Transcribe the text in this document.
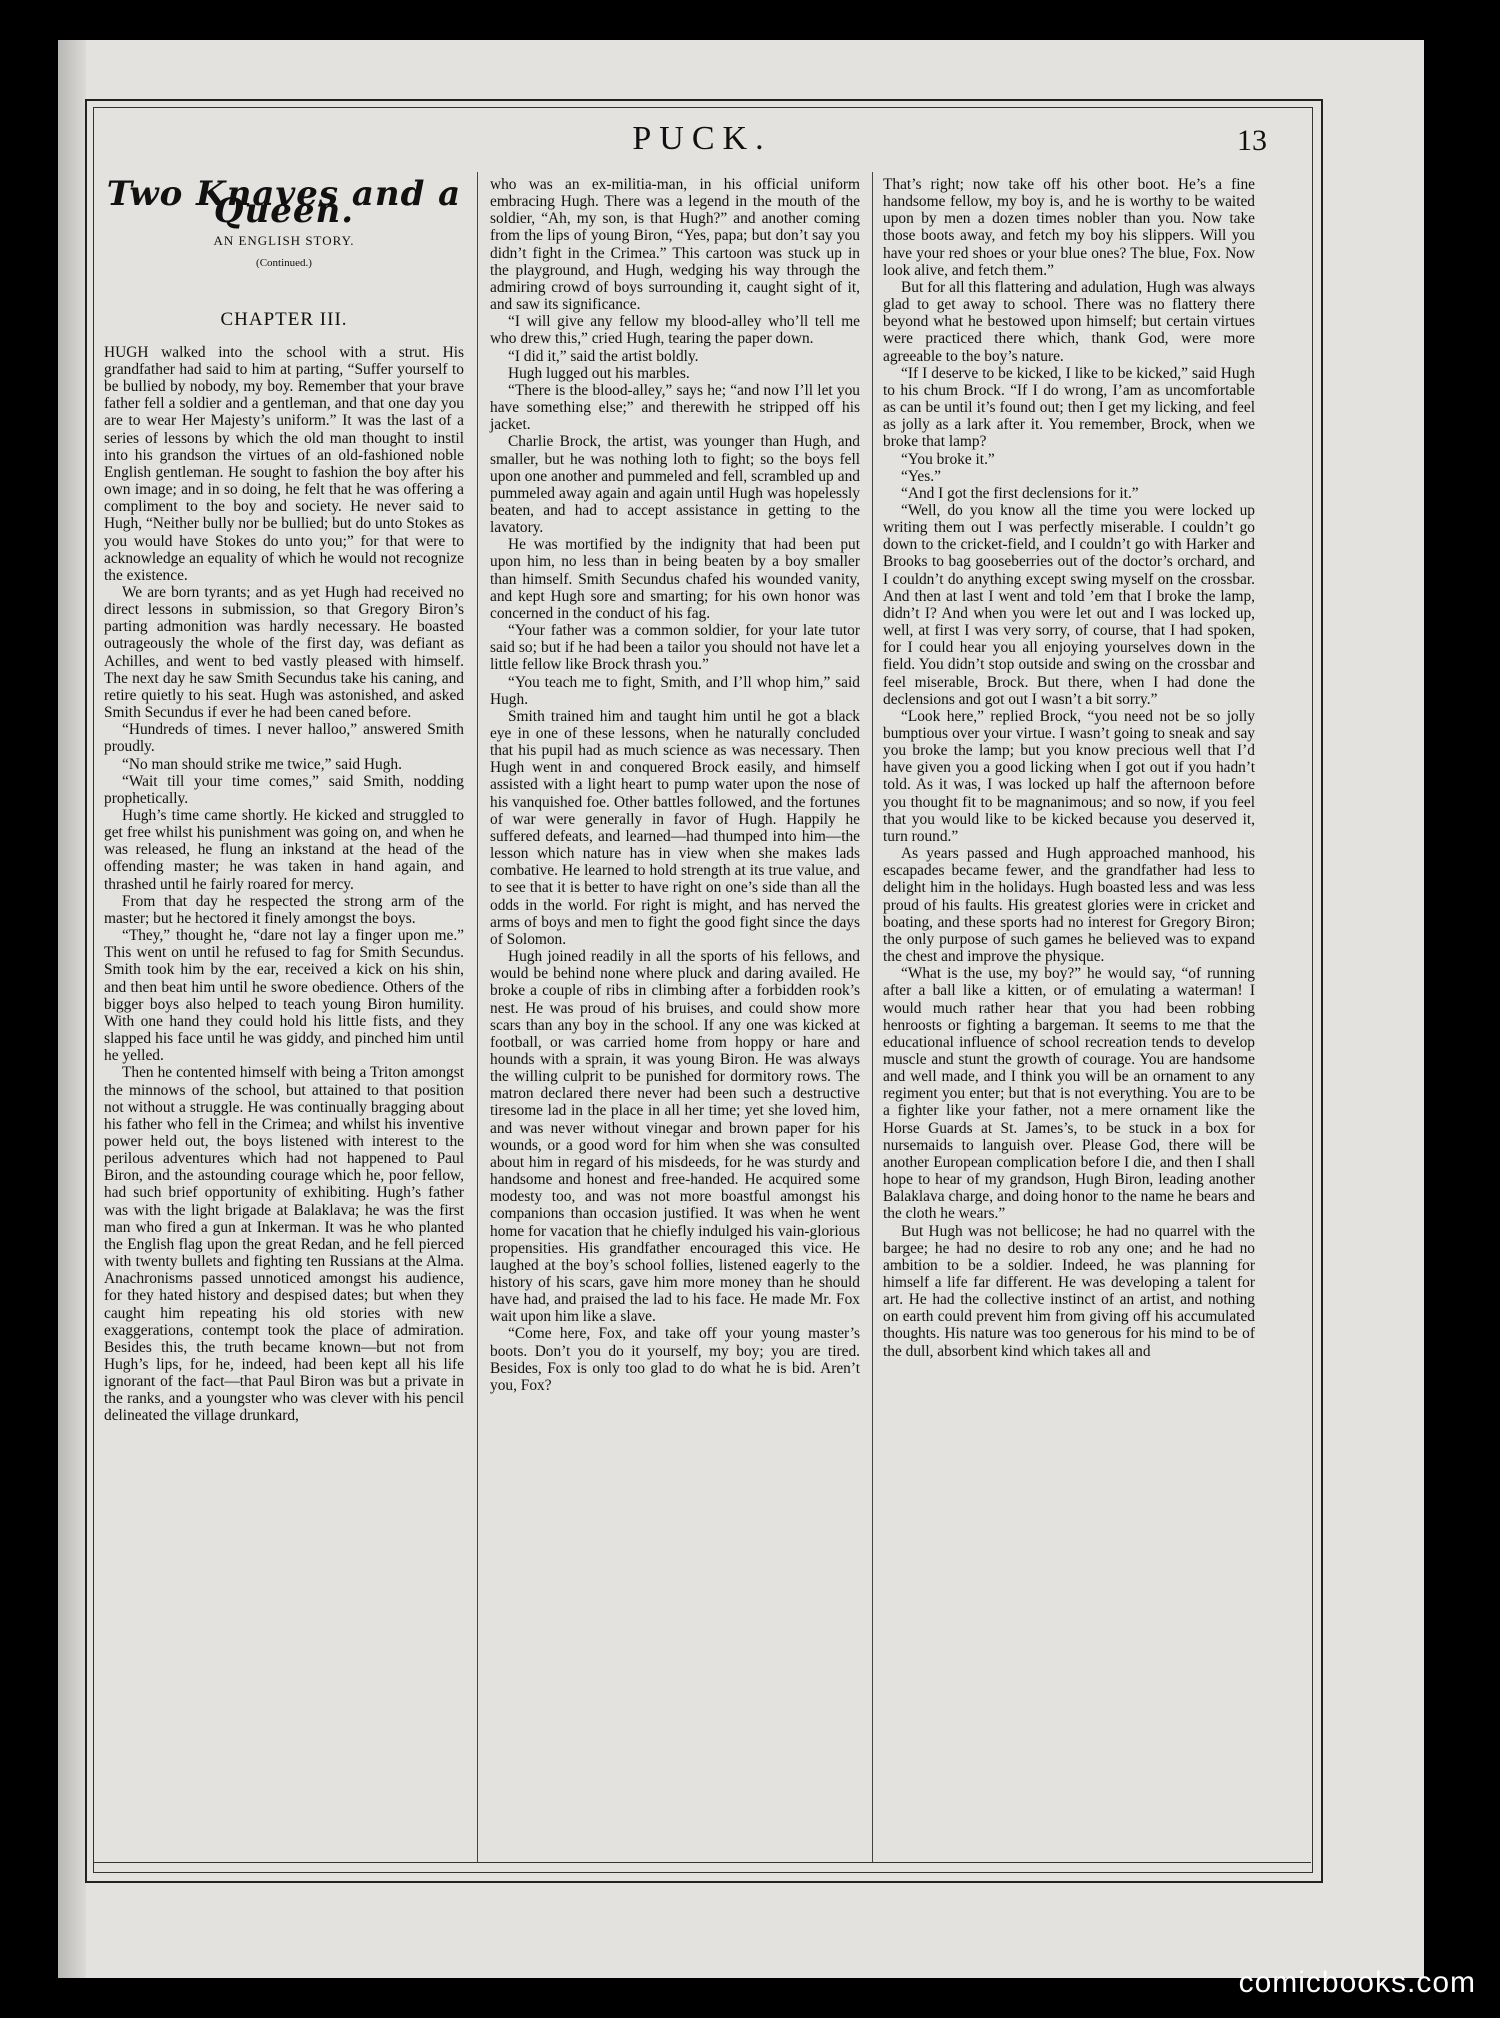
PUCK.	13
Two Knaves and a Queen.
AN ENGLISH STORY.
(Continued.)
CHAPTER III.

HUGH walked into the school with a strut. His grandfather had said to him at parting, “Suffer yourself to be bullied by nobody, my boy. Remember that your brave father fell a soldier and a gentleman, and that one day you are to wear Her Majesty’s uniform.” It was the last of a series of lessons by which the old man thought to instil into his grandson the virtues of an old-fashioned noble English gentleman. He sought to fashion the boy after his own image; and in so doing, he felt that he was offering a compliment to the boy and society. He never said to Hugh, “Neither bully nor be bullied; but do unto Stokes as you would have Stokes do unto you;” for that were to acknowledge an equality of which he would not recognize the existence.

We are born tyrants; and as yet Hugh had received no direct lessons in submission, so that Gregory Biron’s parting admonition was hardly necessary. He boasted outrageously the whole of the first day, was defiant as Achilles, and went to bed vastly pleased with himself. The next day he saw Smith Secundus take his caning, and retire quietly to his seat. Hugh was astonished, and asked Smith Secundus if ever he had been caned before.

“Hundreds of times. I never halloo,” answered Smith proudly.

“No man should strike me twice,” said Hugh.

“Wait till your time comes,” said Smith, nodding prophetically.

Hugh’s time came shortly. He kicked and struggled to get free whilst his punishment was going on, and when he was released, he flung an inkstand at the head of the offending master; he was taken in hand again, and thrashed until he fairly roared for mercy.

From that day he respected the strong arm of the master; but he hectored it finely amongst the boys.

“They,” thought he, “dare not lay a finger upon me.” This went on until he refused to fag for Smith Secundus. Smith took him by the ear, received a kick on his shin, and then beat him until he swore obedience. Others of the bigger boys also helped to teach young Biron humility. With one hand they could hold his little fists, and they slapped his face until he was giddy, and pinched him until he yelled.

Then he contented himself with being a Triton amongst the minnows of the school, but attained to that position not without a struggle. He was continually bragging about his father who fell in the Crimea; and whilst his inventive power held out, the boys listened with interest to the perilous adventures which had not happened to Paul Biron, and the astounding courage which he, poor fellow, had such brief opportunity of exhibiting. Hugh’s father was with the light brigade at Balaklava; he was the first man who fired a gun at Inkerman. It was he who planted the English flag upon the great Redan, and he fell pierced with twenty bullets and fighting ten Russians at the Alma. Anachronisms passed unnoticed amongst his audience, for they hated history and despised dates; but when they caught him repeating his old stories with new exaggerations, contempt took the place of admiration. Besides this, the truth became known—but not from Hugh’s lips, for he, indeed, had been kept all his life ignorant of the fact—that Paul Biron was but a private in the ranks, and a youngster who was clever with his pencil delineated the village drunkard,

who was an ex-militia-man, in his official uniform embracing Hugh. There was a legend in the mouth of the soldier, “Ah, my son, is that Hugh?” and another coming from the lips of young Biron, “Yes, papa; but don’t say you didn’t fight in the Crimea.” This cartoon was stuck up in the playground, and Hugh, wedging his way through the admiring crowd of boys surrounding it, caught sight of it, and saw its significance.

“I will give any fellow my blood-alley who’ll tell me who drew this,” cried Hugh, tearing the paper down.

“I did it,” said the artist boldly.

Hugh lugged out his marbles.

“There is the blood-alley,” says he; “and now I’ll let you have something else;” and therewith he stripped off his jacket.

Charlie Brock, the artist, was younger than Hugh, and smaller, but he was nothing loth to fight; so the boys fell upon one another and pummeled and fell, scrambled up and pummeled away again and again until Hugh was hopelessly beaten, and had to accept assistance in getting to the lavatory.

He was mortified by the indignity that had been put upon him, no less than in being beaten by a boy smaller than himself. Smith Secundus chafed his wounded vanity, and kept Hugh sore and smarting; for his own honor was concerned in the conduct of his fag.

“Your father was a common soldier, for your late tutor said so; but if he had been a tailor you should not have let a little fellow like Brock thrash you.”

“You teach me to fight, Smith, and I’ll whop him,” said Hugh.

Smith trained him and taught him until he got a black eye in one of these lessons, when he naturally concluded that his pupil had as much science as was necessary. Then Hugh went in and conquered Brock easily, and himself assisted with a light heart to pump water upon the nose of his vanquished foe. Other battles followed, and the fortunes of war were generally in favor of Hugh. Happily he suffered defeats, and learned—had thumped into him—the lesson which nature has in view when she makes lads combative. He learned to hold strength at its true value, and to see that it is better to have right on one’s side than all the odds in the world. For right is might, and has nerved the arms of boys and men to fight the good fight since the days of Solomon.

Hugh joined readily in all the sports of his fellows, and would be behind none where pluck and daring availed. He broke a couple of ribs in climbing after a forbidden rook’s nest. He was proud of his bruises, and could show more scars than any boy in the school. If any one was kicked at football, or was carried home from hoppy or hare and hounds with a sprain, it was young Biron. He was always the willing culprit to be punished for dormitory rows. The matron declared there never had been such a destructive tiresome lad in the place in all her time; yet she loved him, and was never without vinegar and brown paper for his wounds, or a good word for him when she was consulted about him in regard of his misdeeds, for he was sturdy and handsome and honest and free-handed. He acquired some modesty too, and was not more boastful amongst his companions than occasion justified. It was when he went home for vacation that he chiefly indulged his vain-glorious propensities. His grandfather encouraged this vice. He laughed at the boy’s school follies, listened eagerly to the history of his scars, gave him more money than he should have had, and praised the lad to his face. He made Mr. Fox wait upon him like a slave.

“Come here, Fox, and take off your young master’s boots. Don’t you do it yourself, my boy; you are tired. Besides, Fox is only too glad to do what he is bid. Aren’t you, Fox?

That’s right; now take off his other boot. He’s a fine handsome fellow, my boy is, and he is worthy to be waited upon by men a dozen times nobler than you. Now take those boots away, and fetch my boy his slippers. Will you have your red shoes or your blue ones? The blue, Fox. Now look alive, and fetch them.”

But for all this flattering and adulation, Hugh was always glad to get away to school. There was no flattery there beyond what he bestowed upon himself; but certain virtues were practiced there which, thank God, were more agreeable to the boy’s nature.

“If I deserve to be kicked, I like to be kicked,” said Hugh to his chum Brock. “If I do wrong, I’am as uncomfortable as can be until it’s found out; then I get my licking, and feel as jolly as a lark after it. You remember, Brock, when we broke that lamp?

“You broke it.”

“Yes.”

“And I got the first declensions for it.”

“Well, do you know all the time you were locked up writing them out I was perfectly miserable. I couldn’t go down to the cricket-field, and I couldn’t go with Harker and Brooks to bag gooseberries out of the doctor’s orchard, and I couldn’t do anything except swing myself on the crossbar. And then at last I went and told ’em that I broke the lamp, didn’t I? And when you were let out and I was locked up, well, at first I was very sorry, of course, that I had spoken, for I could hear you all enjoying yourselves down in the field. You didn’t stop outside and swing on the crossbar and feel miserable, Brock. But there, when I had done the declensions and got out I wasn’t a bit sorry.”

“Look here,” replied Brock, “you need not be so jolly bumptious over your virtue. I wasn’t going to sneak and say you broke the lamp; but you know precious well that I’d have given you a good licking when I got out if you hadn’t told. As it was, I was locked up half the afternoon before you thought fit to be magnanimous; and so now, if you feel that you would like to be kicked because you deserved it, turn round.”

As years passed and Hugh approached manhood, his escapades became fewer, and the grandfather had less to delight him in the holidays. Hugh boasted less and was less proud of his faults. His greatest glories were in cricket and boating, and these sports had no interest for Gregory Biron; the only purpose of such games he believed was to expand the chest and improve the physique.

“What is the use, my boy?” he would say, “of running after a ball like a kitten, or of emulating a waterman! I would much rather hear that you had been robbing henroosts or fighting a bargeman. It seems to me that the educational influence of school recreation tends to develop muscle and stunt the growth of courage. You are handsome and well made, and I think you will be an ornament to any regiment you enter; but that is not everything. You are to be a fighter like your father, not a mere ornament like the Horse Guards at St. James’s, to be stuck in a box for nursemaids to languish over. Please God, there will be another European complication before I die, and then I shall hope to hear of my grandson, Hugh Biron, leading another Balaklava charge, and doing honor to the name he bears and the cloth he wears.”

But Hugh was not bellicose; he had no quarrel with the bargee; he had no desire to rob any one; and he had no ambition to be a soldier. Indeed, he was planning for himself a life far different. He was developing a talent for art. He had the collective instinct of an artist, and nothing on earth could prevent him from giving off his accumulated thoughts. His nature was too generous for his mind to be of the dull, absorbent kind which takes all and

comicbooks.com
